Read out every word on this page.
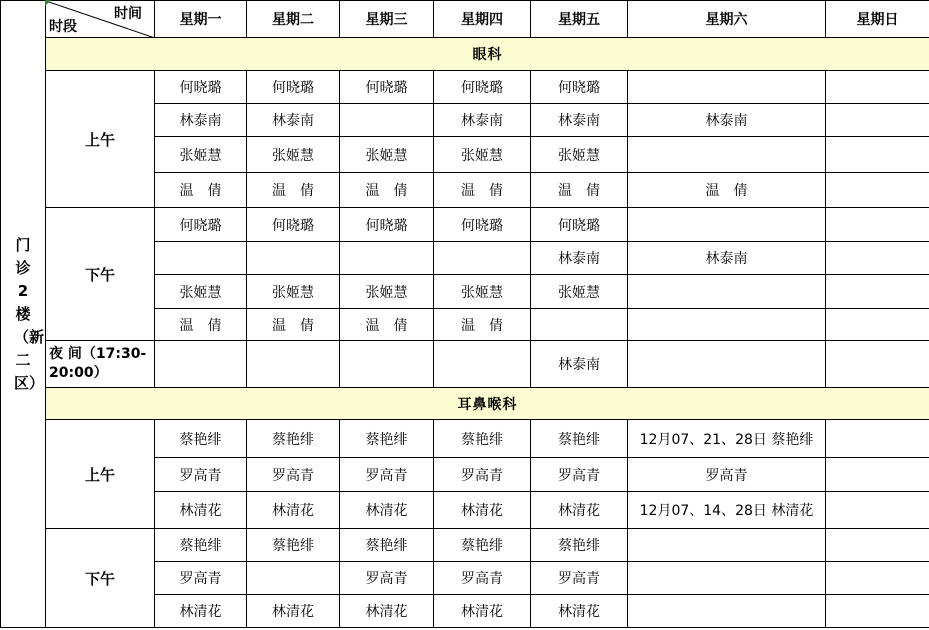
门诊2楼（新二区）	时间
时段	星期一	星期二	星期三	星期四	星期五	星期六	星期日
	眼科							
	上午	何晓璐	何晓璐	何晓璐	何晓璐	何晓璐		
		林泰南	林泰南		林泰南	林泰南	林泰南	
		张姬慧	张姬慧	张姬慧	张姬慧	张姬慧		
		温　倩	温　倩	温　倩	温　倩	温　倩	温　倩	
	下午	何晓璐	何晓璐	何晓璐	何晓璐	何晓璐		
						林泰南	林泰南	
		张姬慧	张姬慧	张姬慧	张姬慧	张姬慧		
		温　倩	温　倩	温　倩	温　倩			
	夜 间（17:30-20:00）					林泰南		
	耳鼻喉科							
	上午	蔡艳绯	蔡艳绯	蔡艳绯	蔡艳绯	蔡艳绯	12月07、21、28日 蔡艳绯	
		罗高青	罗高青	罗高青	罗高青	罗高青	罗高青	
		林清花	林清花	林清花	林清花	林清花	12月07、14、28日 林清花	
	下午	蔡艳绯	蔡艳绯	蔡艳绯	蔡艳绯	蔡艳绯		
		罗高青		罗高青	罗高青	罗高青		
		林清花	林清花	林清花	林清花	林清花		
